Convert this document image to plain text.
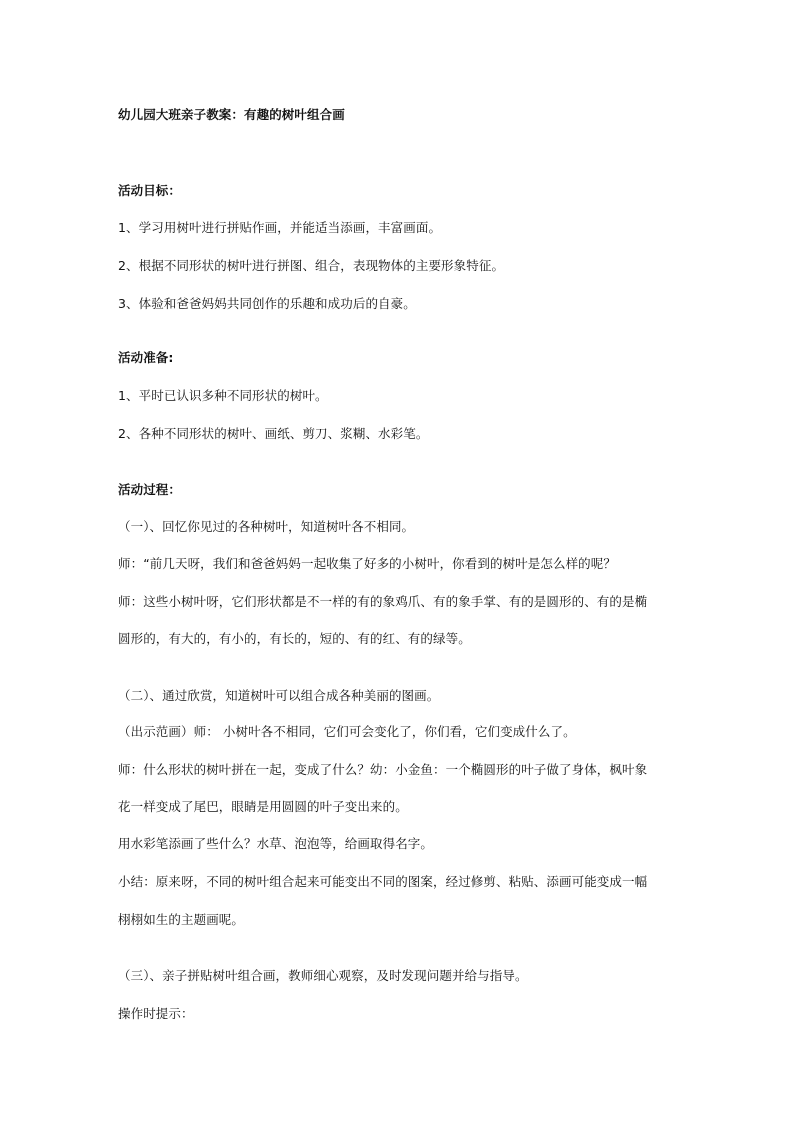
幼儿园大班亲子教案：有趣的树叶组合画
活动目标：
1、学习用树叶进行拼贴作画，并能适当添画，丰富画面。
2、根据不同形状的树叶进行拼图、组合，表现物体的主要形象特征。
3、体验和爸爸妈妈共同创作的乐趣和成功后的自豪。
活动准备:
1、平时已认识多种不同形状的树叶。
2、各种不同形状的树叶、画纸、剪刀、浆糊、水彩笔。
活动过程：
（一）、回忆你见过的各种树叶，知道树叶各不相同。
师：“前几天呀，我们和爸爸妈妈一起收集了好多的小树叶，你看到的树叶是怎么样的呢？
师：这些小树叶呀，它们形状都是不一样的有的象鸡爪、有的象手掌、有的是圆形的、有的是椭
圆形的，有大的，有小的，有长的，短的、有的红、有的绿等。
（二）、通过欣赏，知道树叶可以组合成各种美丽的图画。
（出示范画）师： 小树叶各不相同，它们可会变化了，你们看，它们变成什么了。
师：什么形状的树叶拼在一起，变成了什么？幼：小金鱼：一个椭圆形的叶子做了身体，枫叶象
花一样变成了尾巴，眼睛是用圆圆的叶子变出来的。
用水彩笔添画了些什么？水草、泡泡等，给画取得名字。
小结：原来呀，不同的树叶组合起来可能变出不同的图案，经过修剪、粘贴、添画可能变成一幅
栩栩如生的主题画呢。
（三）、亲子拼贴树叶组合画，教师细心观察，及时发现问题并给与指导。
操作时提示：
